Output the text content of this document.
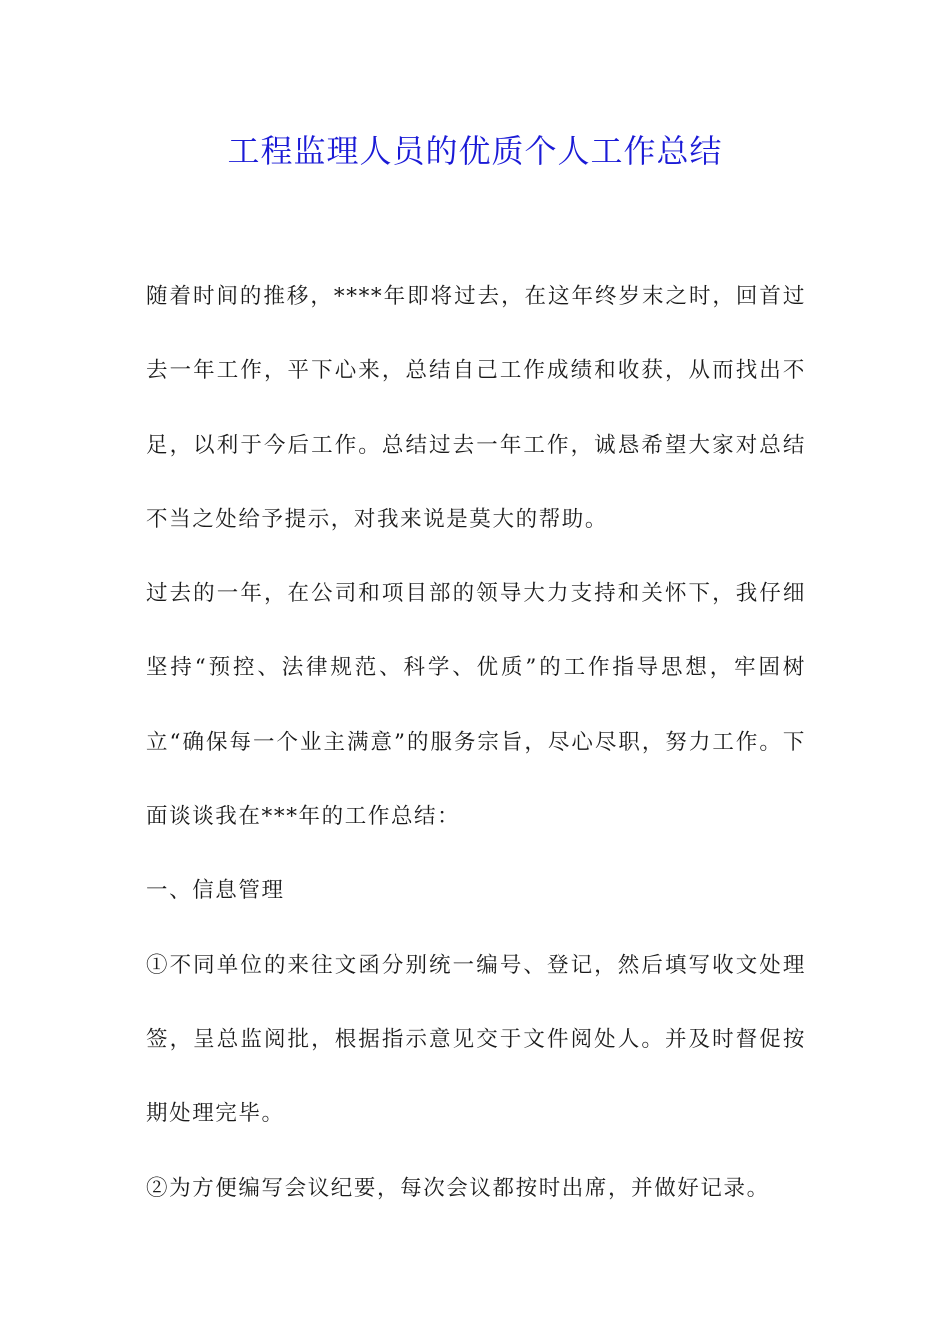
工程监理人员的优质个人工作总结

随着时间的推移，****年即将过去，在这年终岁末之时，回首过去一年工作，平下心来，总结自己工作成绩和收获，从而找出不足，以利于今后工作。总结过去一年工作，诚恳希望大家对总结不当之处给予提示，对我来说是莫大的帮助。

过去的一年，在公司和项目部的领导大力支持和关怀下，我仔细坚持“预控、法律规范、科学、优质”的工作指导思想，牢固树立“确保每一个业主满意”的服务宗旨，尽心尽职，努力工作。下面谈谈我在***年的工作总结：

一、信息管理

①不同单位的来往文函分别统一编号、登记，然后填写收文处理签，呈总监阅批，根据指示意见交于文件阅处人。并及时督促按期处理完毕。

②为方便编写会议纪要，每次会议都按时出席，并做好记录。
